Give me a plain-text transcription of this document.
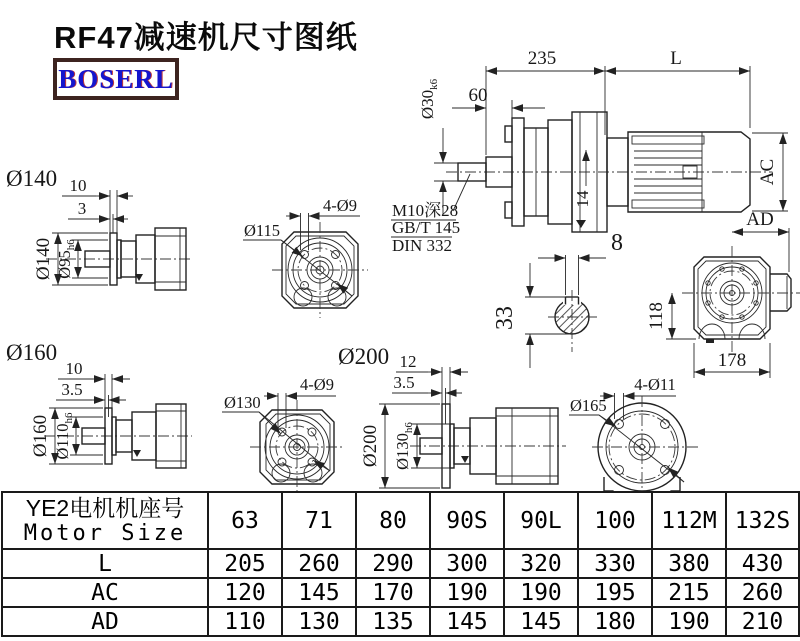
RF47减速机尺寸图纸
BOSERL
235	L
60
$Ø30_{k6}$
14
AC
M10深28
GB/T 145
DIN 332	8
33
AD
118
178
Ø140 10
3
Ø140 $Ø95_{h6}$
4-Ø9
Ø115
Ø160
10
3.5
Ø160 $Ø110_{h6}$
4-Ø9
Ø130
Ø200 12
3.5
Ø200 $Ø130_{h6}$
4-Ø11
Ø165
YE2电机机座号
Motor Size	63	71	80	90S	90L	100	112M	132S
L	205	260	290	300	320	330	380	430
AC	120	145	170	190	190	195	215	260
AD	110	130	135	145	145	180	190	210
